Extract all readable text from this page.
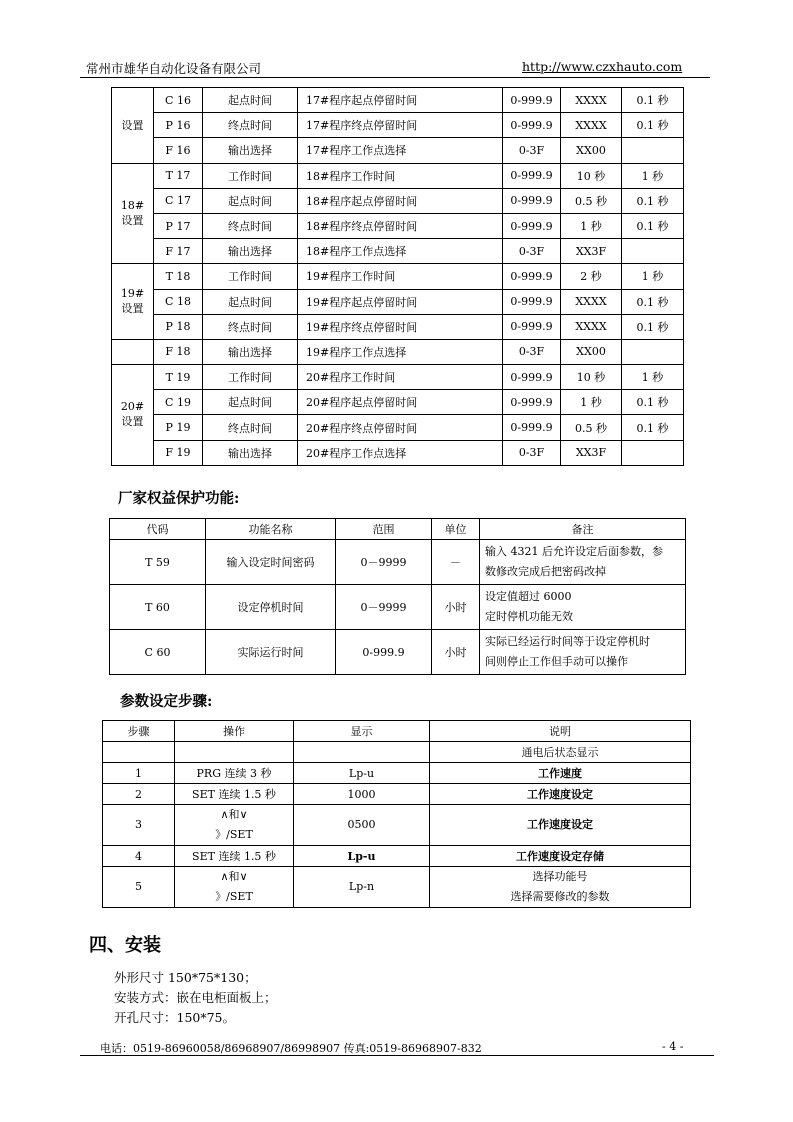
常州市雄华自动化设备有限公司	http://www.czxhauto.com
设置	C 16	起点时间	17#程序起点停留时间	0-999.9	XXXX	0.1 秒
	P 16	终点时间	17#程序终点停留时间	0-999.9	XXXX	0.1 秒
	F 16	输出选择	17#程序工作点选择	0-3F	XX00	
18#
设置	T 17	工作时间	18#程序工作时间	0-999.9	10 秒	1 秒
	C 17	起点时间	18#程序起点停留时间	0-999.9	0.5 秒	0.1 秒
	P 17	终点时间	18#程序终点停留时间	0-999.9	1 秒	0.1 秒
	F 17	输出选择	18#程序工作点选择	0-3F	XX3F	
19#
设置	T 18	工作时间	19#程序工作时间	0-999.9	2 秒	1 秒
	C 18	起点时间	19#程序起点停留时间	0-999.9	XXXX	0.1 秒
	P 18	终点时间	19#程序终点停留时间	0-999.9	XXXX	0.1 秒
	F 18	输出选择	19#程序工作点选择	0-3F	XX00	
20#
设置	T 19	工作时间	20#程序工作时间	0-999.9	10 秒	1 秒
	C 19	起点时间	20#程序起点停留时间	0-999.9	1 秒	0.1 秒
	P 19	终点时间	20#程序终点停留时间	0-999.9	0.5 秒	0.1 秒
	F 19	输出选择	20#程序工作点选择	0-3F	XX3F	
厂家权益保护功能:
代码	功能名称	范围	单位	备注
T 59	输入设定时间密码	0－9999	－	输入 4321 后允许设定后面参数，参
数修改完成后把密码改掉
T 60	设定停机时间	0－9999	小时	设定值超过 6000
定时停机功能无效
C 60	实际运行时间	0-999.9	小时	实际已经运行时间等于设定停机时
间则停止工作但手动可以操作
参数设定步骤:
步骤	操作	显示	说明
			通电后状态显示
1	PRG 连续 3 秒	Lp-u	工作速度
2	SET 连续 1.5 秒	1000	工作速度设定
3	∧和∨
》/SET	0500	工作速度设定
4	SET 连续 1.5 秒	Lp-u	工作速度设定存储
5	∧和∨
》/SET	Lp-n	选择功能号
选择需要修改的参数
四、安装
外形尺寸 150*75*130；
安装方式：嵌在电柜面板上；
开孔尺寸：150*75。
电话：0519-86960058/86968907/86998907 传真:0519-86968907-832	- 4 -
